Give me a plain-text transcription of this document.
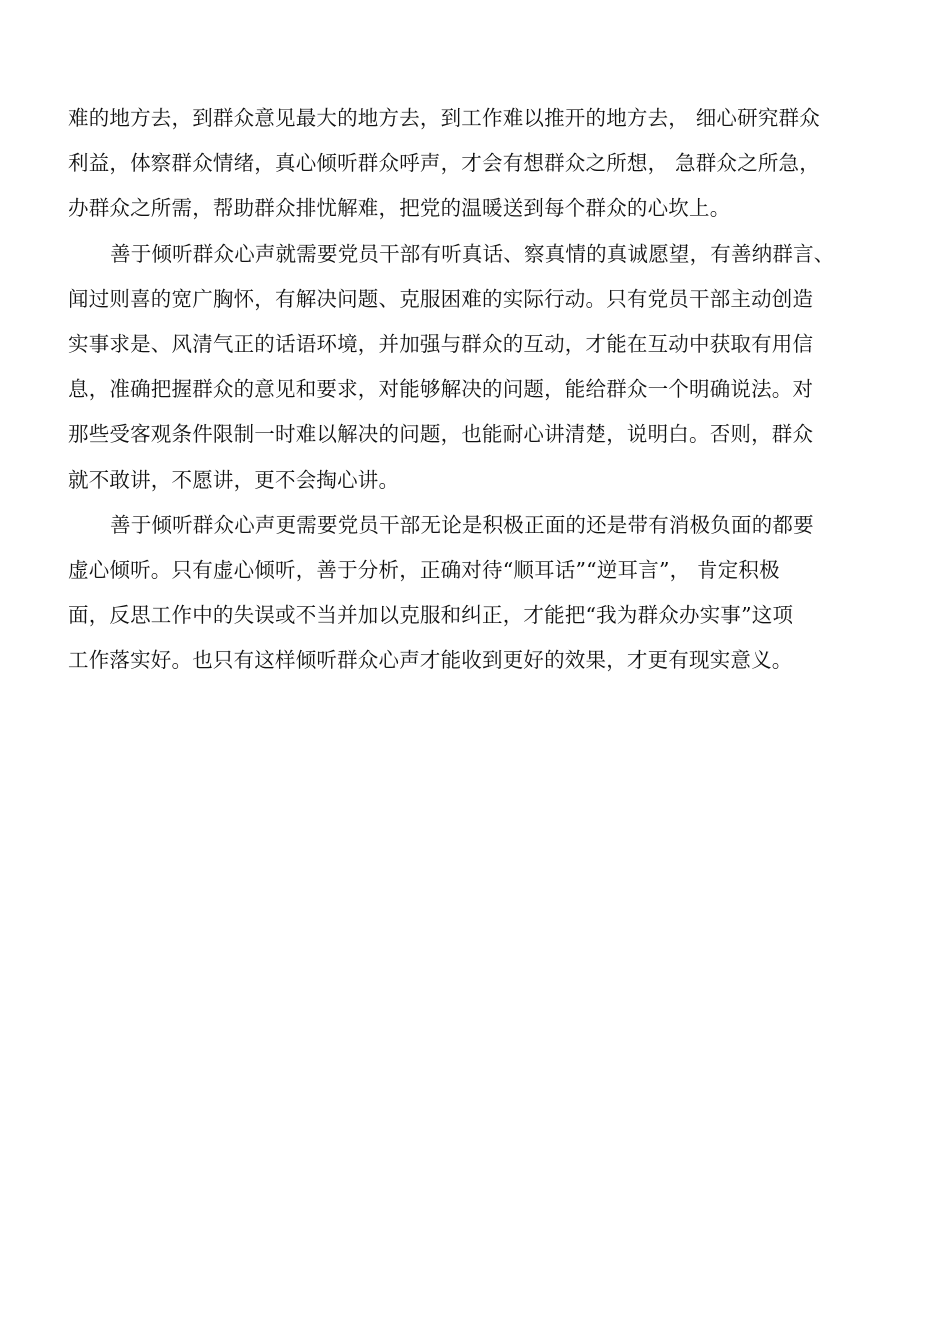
难的地方去，到群众意见最大的地方去，到工作难以推开的地方去， 细心研究群众
利益，体察群众情绪，真心倾听群众呼声，才会有想群众之所想， 急群众之所急，
办群众之所需，帮助群众排忧解难，把党的温暖送到每个群众的心坎上。
善于倾听群众心声就需要党员干部有听真话、察真情的真诚愿望，有善纳群言、
闻过则喜的宽广胸怀，有解决问题、克服困难的实际行动。只有党员干部主动创造
实事求是、风清气正的话语环境，并加强与群众的互动，才能在互动中获取有用信
息，准确把握群众的意见和要求，对能够解决的问题，能给群众一个明确说法。对
那些受客观条件限制一时难以解决的问题，也能耐心讲清楚，说明白。否则，群众
就不敢讲，不愿讲，更不会掏心讲。
善于倾听群众心声更需要党员干部无论是积极正面的还是带有消极负面的都要
虚心倾听。只有虚心倾听，善于分析，正确对待“顺耳话”“逆耳言”， 肯定积极
面，反思工作中的失误或不当并加以克服和纠正，才能把“我为群众办实事”这项
工作落实好。也只有这样倾听群众心声才能收到更好的效果，才更有现实意义。
